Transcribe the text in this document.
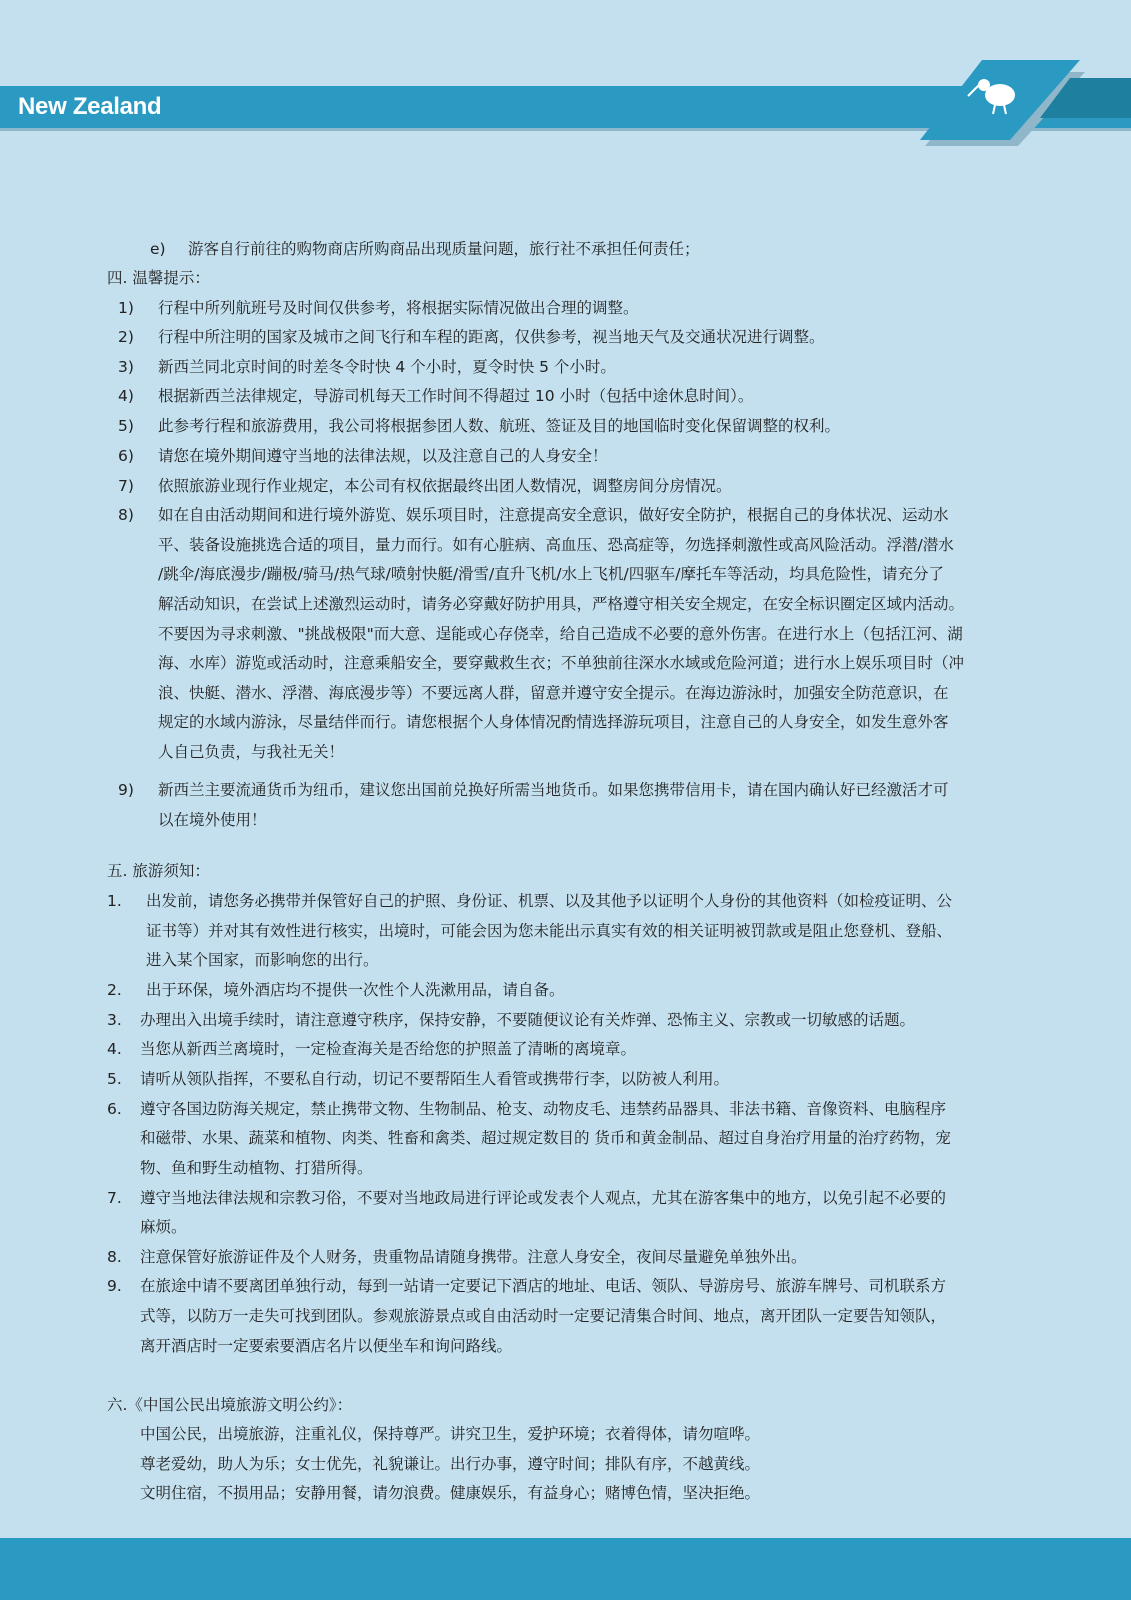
New Zealand
e) 游客自行前往的购物商店所购商品出现质量问题，旅行社不承担任何责任；
四. 温馨提示：
1) 行程中所列航班号及时间仅供参考，将根据实际情况做出合理的调整。
2) 行程中所注明的国家及城市之间飞行和车程的距离，仅供参考，视当地天气及交通状况进行调整。
3) 新西兰同北京时间的时差冬令时快 4 个小时，夏令时快 5 个小时。
4) 根据新西兰法律规定，导游司机每天工作时间不得超过 10 小时（包括中途休息时间）。
5) 此参考行程和旅游费用，我公司将根据参团人数、航班、签证及目的地国临时变化保留调整的权利。
6) 请您在境外期间遵守当地的法律法规，以及注意自己的人身安全！
7) 依照旅游业现行作业规定，本公司有权依据最终出团人数情况，调整房间分房情况。
8) 如在自由活动期间和进行境外游览、娱乐项目时，注意提高安全意识，做好安全防护，根据自己的身体状况、运动水
平、装备设施挑选合适的项目，量力而行。如有心脏病、高血压、恐高症等，勿选择刺激性或高风险活动。浮潜/潜水
/跳伞/海底漫步/蹦极/骑马/热气球/喷射快艇/滑雪/直升飞机/水上飞机/四驱车/摩托车等活动，均具危险性，请充分了
解活动知识，在尝试上述激烈运动时，请务必穿戴好防护用具，严格遵守相关安全规定，在安全标识圈定区域内活动。
不要因为寻求刺激、"挑战极限"而大意、逞能或心存侥幸，给自己造成不必要的意外伤害。在进行水上（包括江河、湖
海、水库）游览或活动时，注意乘船安全，要穿戴救生衣；不单独前往深水水域或危险河道；进行水上娱乐项目时（冲
浪、快艇、潜水、浮潜、海底漫步等）不要远离人群，留意并遵守安全提示。在海边游泳时，加强安全防范意识，在
规定的水域内游泳，尽量结伴而行。请您根据个人身体情况酌情选择游玩项目，注意自己的人身安全，如发生意外客
人自己负责，与我社无关！
9) 新西兰主要流通货币为纽币，建议您出国前兑换好所需当地货币。如果您携带信用卡，请在国内确认好已经激活才可
以在境外使用！
五. 旅游须知：
1. 出发前，请您务必携带并保管好自己的护照、身份证、机票、以及其他予以证明个人身份的其他资料（如检疫证明、公
证书等）并对其有效性进行核实，出境时，可能会因为您未能出示真实有效的相关证明被罚款或是阻止您登机、登船、
进入某个国家，而影响您的出行。
2. 出于环保，境外酒店均不提供一次性个人洗漱用品，请自备。
3. 办理出入出境手续时，请注意遵守秩序，保持安静，不要随便议论有关炸弹、恐怖主义、宗教或一切敏感的话题。
4. 当您从新西兰离境时，一定检查海关是否给您的护照盖了清晰的离境章。
5. 请听从领队指挥，不要私自行动，切记不要帮陌生人看管或携带行李，以防被人利用。
6. 遵守各国边防海关规定，禁止携带文物、生物制品、枪支、动物皮毛、违禁药品器具、非法书籍、音像资料、电脑程序
和磁带、水果、蔬菜和植物、肉类、牲畜和禽类、超过规定数目的 货币和黄金制品、超过自身治疗用量的治疗药物，宠
物、鱼和野生动植物、打猎所得。
7. 遵守当地法律法规和宗教习俗，不要对当地政局进行评论或发表个人观点，尤其在游客集中的地方，以免引起不必要的
麻烦。
8. 注意保管好旅游证件及个人财务，贵重物品请随身携带。注意人身安全，夜间尽量避免单独外出。
9. 在旅途中请不要离团单独行动，每到一站请一定要记下酒店的地址、电话、领队、导游房号、旅游车牌号、司机联系方
式等，以防万一走失可找到团队。参观旅游景点或自由活动时一定要记清集合时间、地点，离开团队一定要告知领队，
离开酒店时一定要索要酒店名片以便坐车和询问路线。
六.《中国公民出境旅游文明公约》：
中国公民，出境旅游，注重礼仪，保持尊严。讲究卫生，爱护环境；衣着得体，请勿喧哗。
尊老爱幼，助人为乐；女士优先，礼貌谦让。出行办事，遵守时间；排队有序，不越黄线。
文明住宿，不损用品；安静用餐，请勿浪费。健康娱乐，有益身心；赌博色情，坚决拒绝。
